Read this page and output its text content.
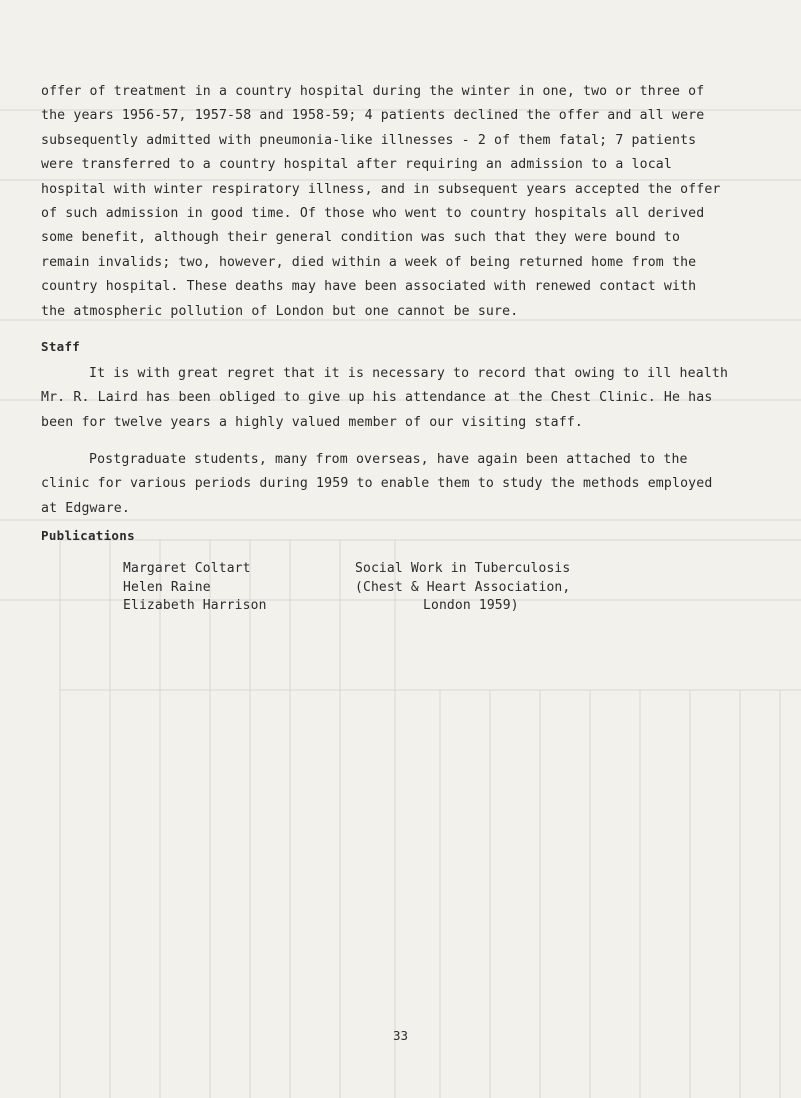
offer of treatment in a country hospital during the winter in one, two or three of
the years 1956-57, 1957-58 and 1958-59; 4 patients declined the offer and all were
subsequently admitted with pneumonia-like illnesses - 2 of them fatal; 7 patients
were transferred to a country hospital after requiring an admission to a local
hospital with winter respiratory illness, and in subsequent years accepted the offer
of such admission in good time. Of those who went to country hospitals all derived
some benefit, although their general condition was such that they were bound to
remain invalids; two, however, died within a week of being returned home from the
country hospital. These deaths may have been associated with renewed contact with
the atmospheric pollution of London but one cannot be sure.
Staff
It is with great regret that it is necessary to record that owing to ill health
Mr. R. Laird has been obliged to give up his attendance at the Chest Clinic. He has
been for twelve years a highly valued member of our visiting staff.
Postgraduate students, many from overseas, have again been attached to the
clinic for various periods during 1959 to enable them to study the methods employed
at Edgware.
Publications
Margaret Coltart
Helen Raine
Elizabeth Harrison
Social Work in Tuberculosis
(Chest & Heart Association,
London 1959)
33
